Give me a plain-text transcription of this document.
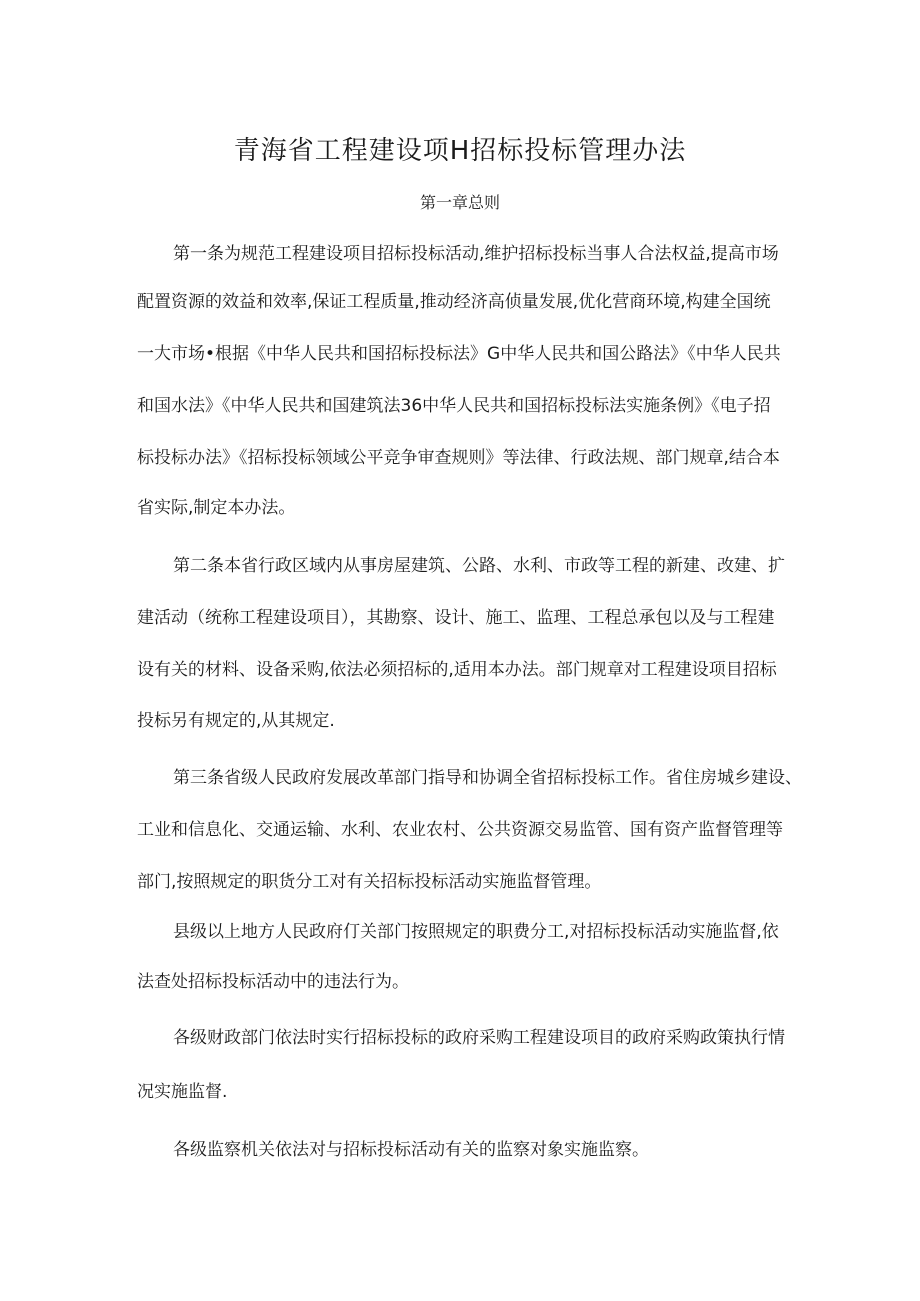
青海省工程建设项H招标投标管理办法
第一章总则
第一条为规范工程建设项目招标投标活动,维护招标投标当事人合法权益,提高市场
配置资源的效益和效率,保证工程质量,推动经济高侦量发展,优化营商环境,构建全国统
一大市场•根据《中华人民共和国招标投标法》G中华人民共和国公路法》《中华人民共
和国水法》《中华人民共和国建筑法36中华人民共和国招标投标法实施条例》《电子招
标投标办法》《招标投标领域公平竞争审查规则》等法律、行政法规、部门规章,结合本
省实际,制定本办法。
第二条本省行政区域内从事房屋建筑、公路、水利、市政等工程的新建、改建、扩
建活动（统称工程建设项目），其勘察、设计、施工、监理、工程总承包以及与工程建
设有关的材料、设备采购,依法必须招标的,适用本办法。部门规章对工程建设项目招标
投标另有规定的,从其规定.
第三条省级人民政府发展改革部门指导和协调全省招标投标工作。省住房城乡建设、
工业和信息化、交通运输、水利、农业农村、公共资源交易监管、国有资产监督管理等
部门,按照规定的职货分工对有关招标投标活动实施监督管理。
县级以上地方人民政府仃关部门按照规定的职费分工,对招标投标活动实施监督,依
法查处招标投标活动中的违法行为。
各级财政部门依法时实行招标投标的政府采购工程建设项目的政府采购政策执行情
况实施监督.
各级监察机关依法对与招标投标活动有关的监察对象实施监察。
